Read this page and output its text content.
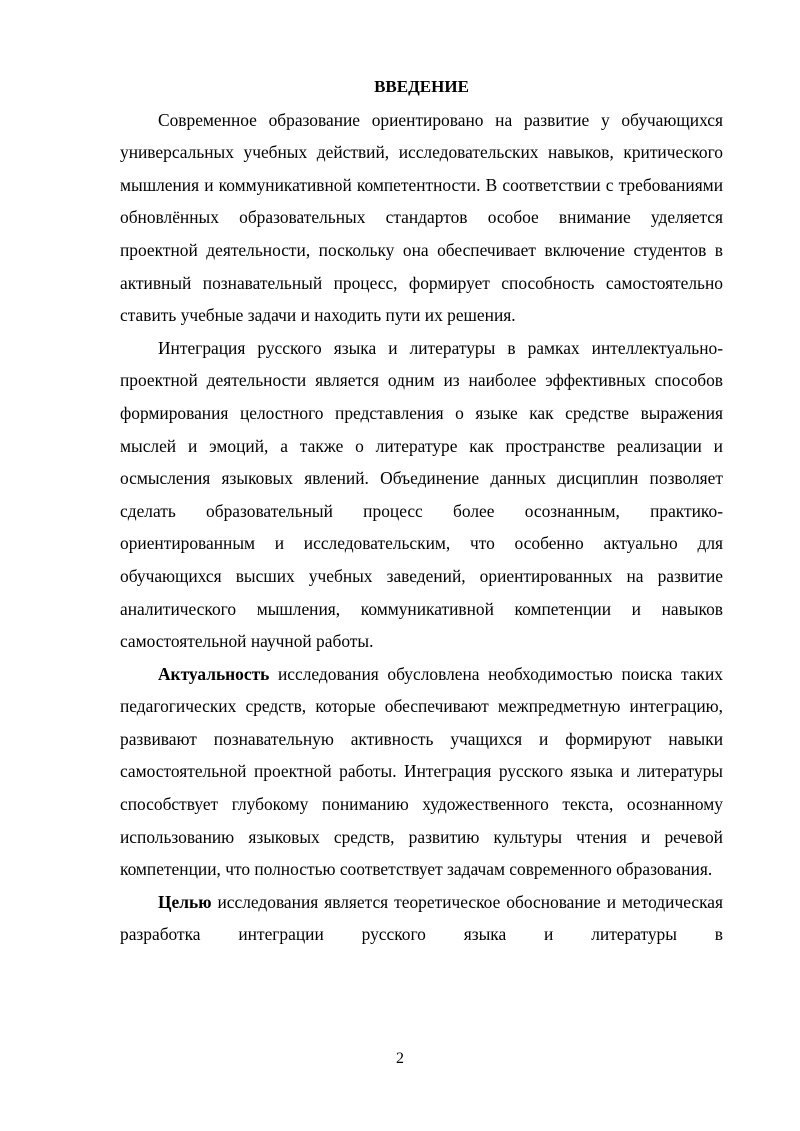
ВВЕДЕНИЕ

Современное образование ориентировано на развитие у обучающихся универсальных учебных действий, исследовательских навыков, критического мышления и коммуникативной компетентности. В соответствии с требованиями обновлённых образовательных стандартов особое внимание уделяется проектной деятельности, поскольку она обеспечивает включение студентов в активный познавательный процесс, формирует способность самостоятельно ставить учебные задачи и находить пути их решения.

Интеграция русского языка и литературы в рамках интеллектуально-проектной деятельности является одним из наиболее эффективных способов формирования целостного представления о языке как средстве выражения мыслей и эмоций, а также о литературе как пространстве реализации и осмысления языковых явлений. Объединение данных дисциплин позволяет сделать образовательный процесс более осознанным, практико-ориентированным и исследовательским, что особенно актуально для обучающихся высших учебных заведений, ориентированных на развитие аналитического мышления, коммуникативной компетенции и навыков самостоятельной научной работы.

Актуальность исследования обусловлена необходимостью поиска таких педагогических средств, которые обеспечивают межпредметную интеграцию, развивают познавательную активность учащихся и формируют навыки самостоятельной проектной работы. Интеграция русского языка и литературы способствует глубокому пониманию художественного текста, осознанному использованию языковых средств, развитию культуры чтения и речевой компетенции, что полностью соответствует задачам современного образования.

Целью исследования является теоретическое обоснование и методическая разработка интеграции русского языка и литературы в

2
